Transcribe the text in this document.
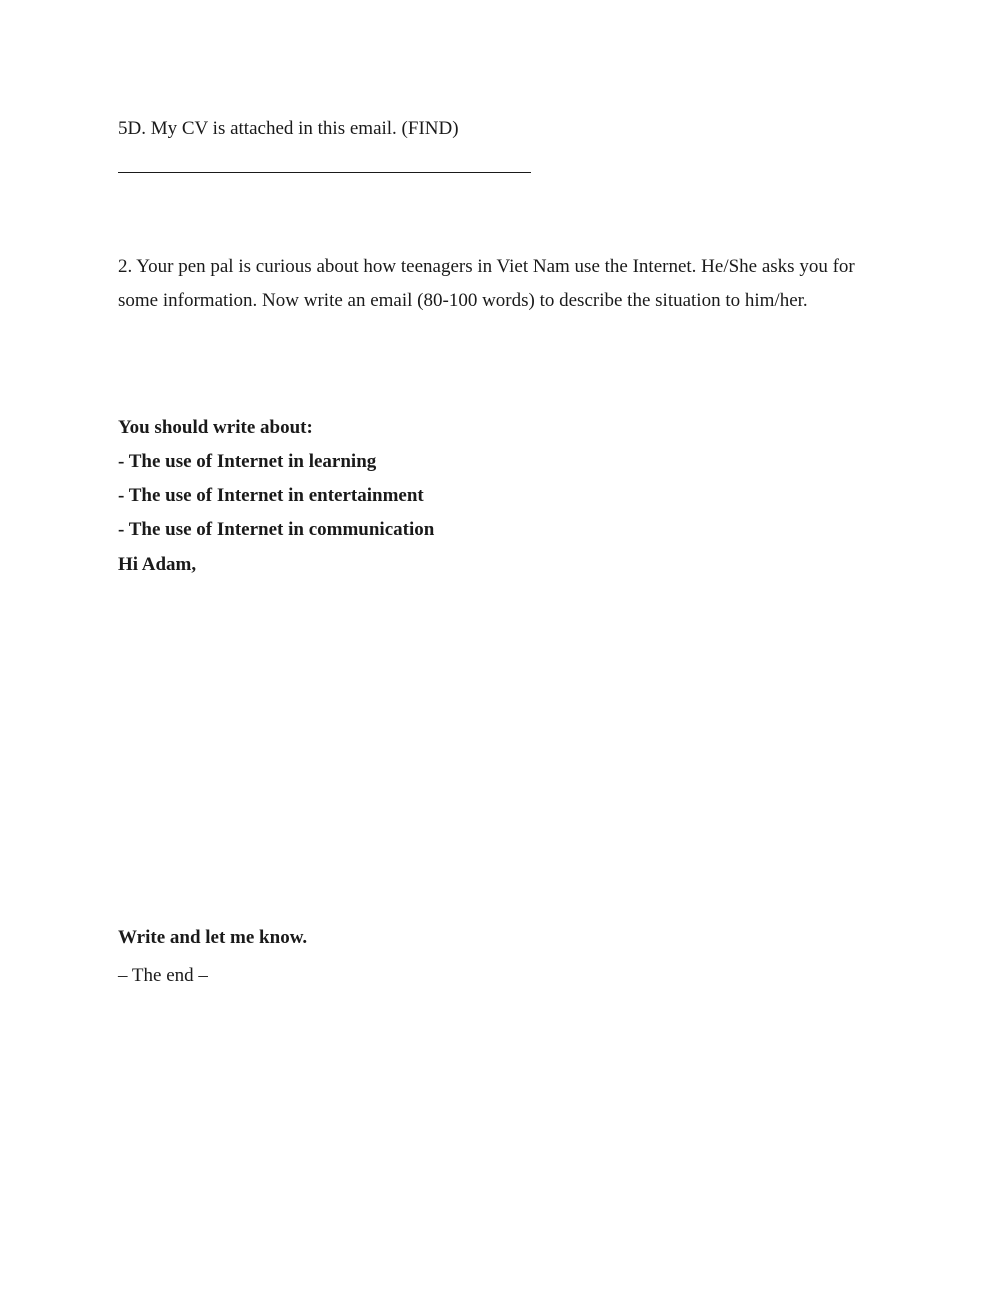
5D. My CV is attached in this email. (FIND)

2. Your pen pal is curious about how teenagers in Viet Nam use the Internet. He/She asks you for some information. Now write an email (80-100 words) to describe the situation to him/her.

You should write about:

- The use of Internet in learning

- The use of Internet in entertainment

- The use of Internet in communication

Hi Adam,

Write and let me know.

– The end –
